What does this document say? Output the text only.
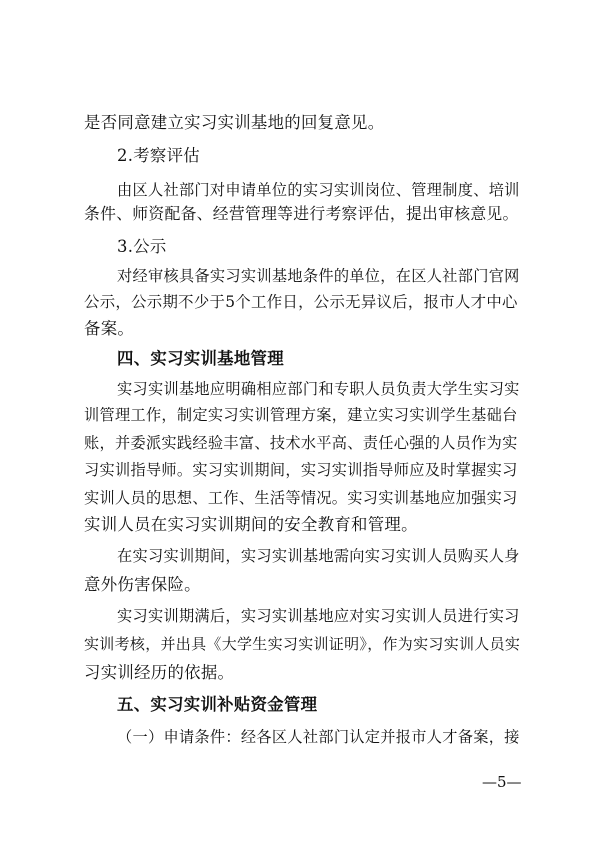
是否同意建立实习实训基地的回复意见。
2.考察评估
由区人社部门对申请单位的实习实训岗位、管理制度、培训
条件、师资配备、经营管理等进行考察评估，提出审核意见。
3.公示
对经审核具备实习实训基地条件的单位，在区人社部门官网
公示，公示期不少于5个工作日，公示无异议后，报市人才中心
备案。
四、实习实训基地管理
实习实训基地应明确相应部门和专职人员负责大学生实习实
训管理工作，制定实习实训管理方案，建立实习实训学生基础台
账，并委派实践经验丰富、技术水平高、责任心强的人员作为实
习实训指导师。实习实训期间，实习实训指导师应及时掌握实习
实训人员的思想、工作、生活等情况。实习实训基地应加强实习
实训人员在实习实训期间的安全教育和管理。
在实习实训期间，实习实训基地需向实习实训人员购买人身
意外伤害保险。
实习实训期满后，实习实训基地应对实习实训人员进行实习
实训考核，并出具《大学生实习实训证明》，作为实习实训人员实
习实训经历的依据。
五、实习实训补贴资金管理
（一）申请条件：经各区人社部门认定并报市人才备案，接
—5—
